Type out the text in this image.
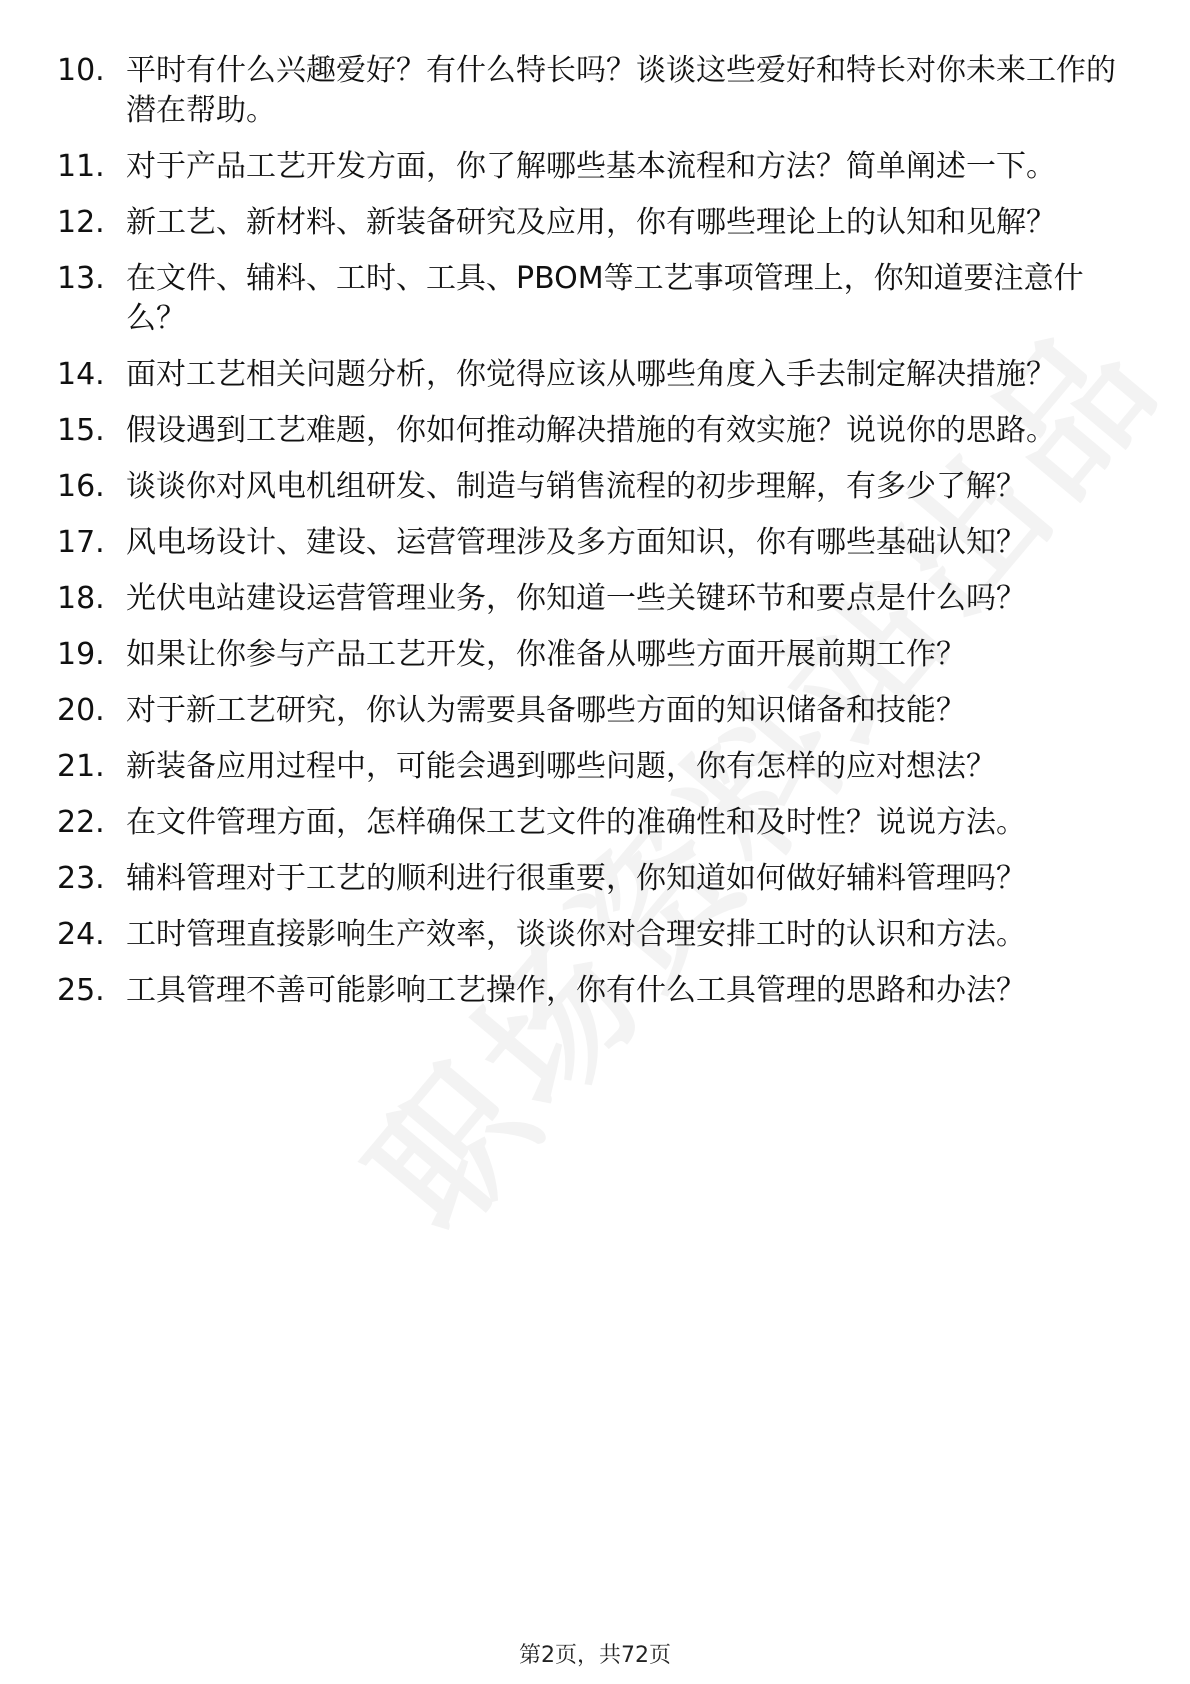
10. 平时有什么兴趣爱好？有什么特长吗？谈谈这些爱好和特长对你未来工作的潜在帮助。
11. 对于产品工艺开发方面，你了解哪些基本流程和方法？简单阐述一下。
12. 新工艺、新材料、新装备研究及应用，你有哪些理论上的认知和见解？
13. 在文件、辅料、工时、工具、PBOM等工艺事项管理上，你知道要注意什么？
14. 面对工艺相关问题分析，你觉得应该从哪些角度入手去制定解决措施？
15. 假设遇到工艺难题，你如何推动解决措施的有效实施？说说你的思路。
16. 谈谈你对风电机组研发、制造与销售流程的初步理解，有多少了解？
17. 风电场设计、建设、运营管理涉及多方面知识，你有哪些基础认知？
18. 光伏电站建设运营管理业务，你知道一些关键环节和要点是什么吗？
19. 如果让你参与产品工艺开发，你准备从哪些方面开展前期工作？
20. 对于新工艺研究，你认为需要具备哪些方面的知识储备和技能？
21. 新装备应用过程中，可能会遇到哪些问题，你有怎样的应对想法？
22. 在文件管理方面，怎样确保工艺文件的准确性和及时性？说说方法。
23. 辅料管理对于工艺的顺利进行很重要，你知道如何做好辅料管理吗？
24. 工时管理直接影响生产效率，谈谈你对合理安排工时的认识和方法。
25. 工具管理不善可能影响工艺操作，你有什么工具管理的思路和办法？
第2页，共72页
